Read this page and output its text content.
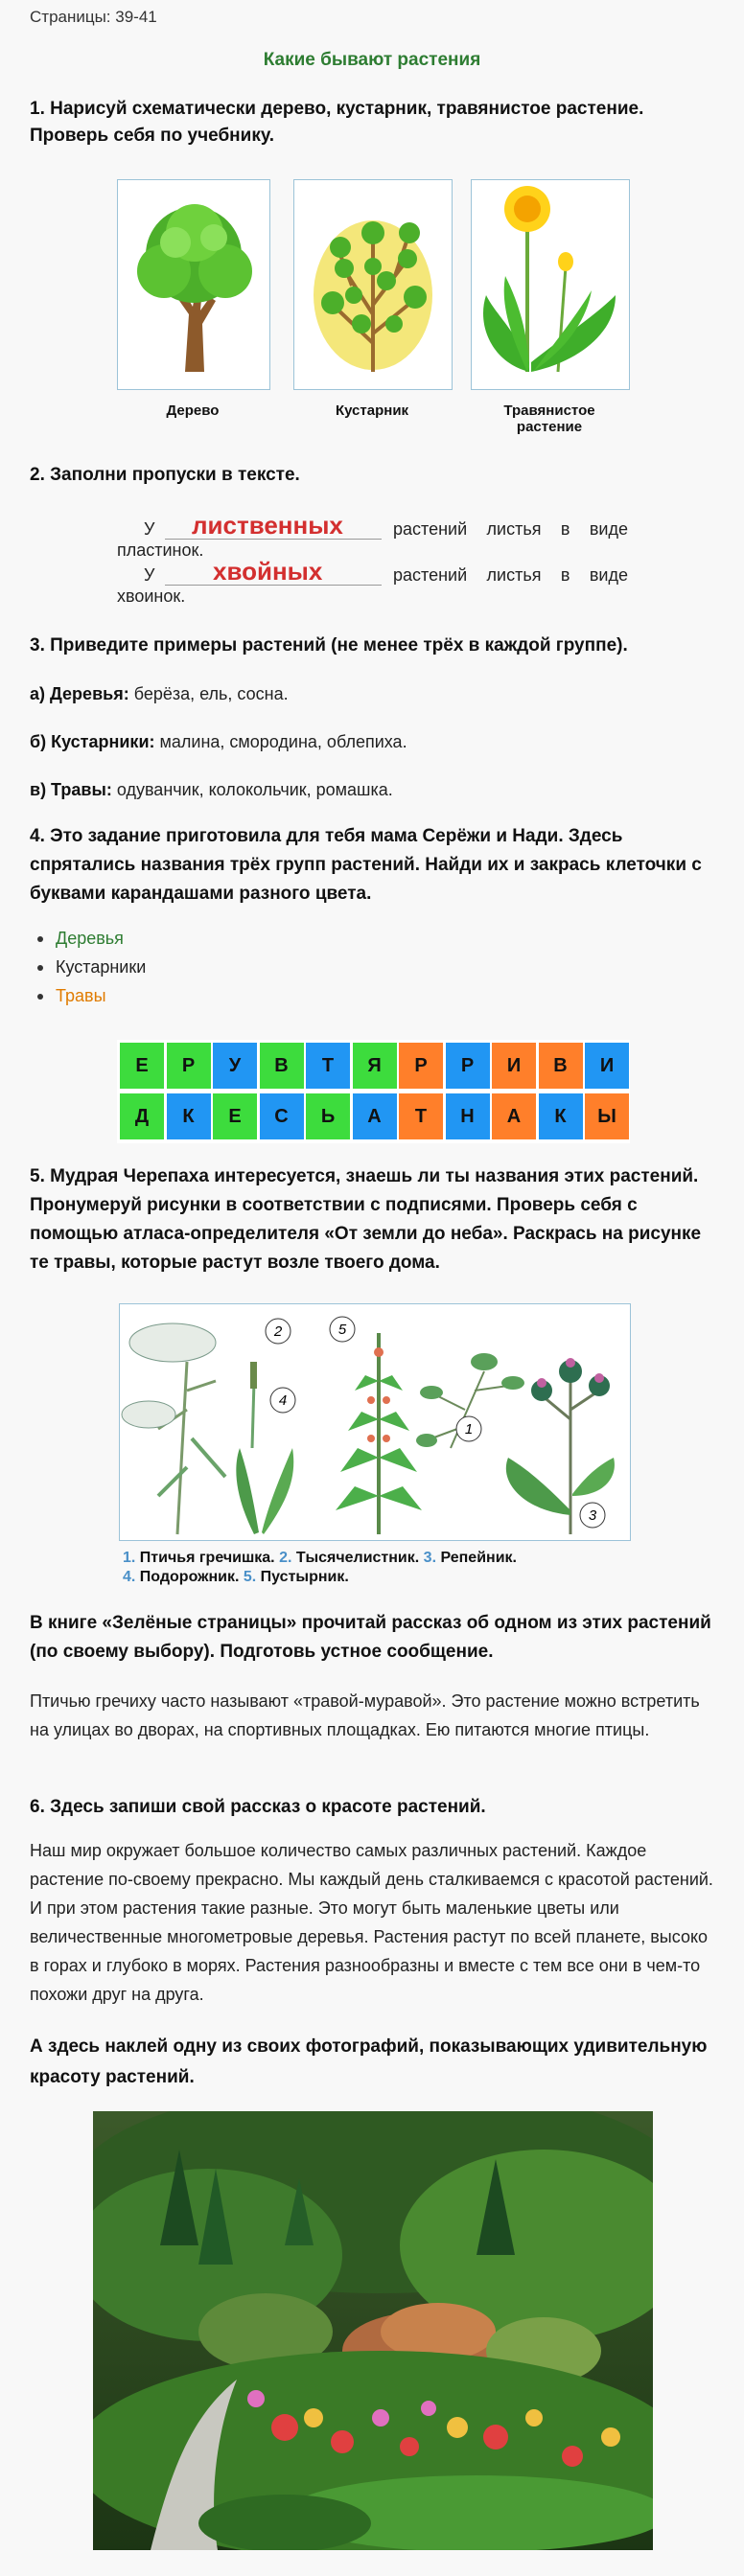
Страницы: 39-41
Какие бывают растения
1. Нарисуй схематически дерево, кустарник, травянистое растение. Проверь себя по учебнику.
Дерево	Кустарник	Травянистое растение
2. Заполни пропуски в тексте.
У лиственных	растений листья в виде
пластинок.
У хвойных	растений листья в виде
хвоинок.
3. Приведите примеры растений (не менее трёх в каждой группе).
а) Деревья: берёза, ель, сосна.
б) Кустарники: малина, смородина, облепиха.
в) Травы: одуванчик, колокольчик, ромашка.
4. Это задание приготовила для тебя мама Серёжи и Нади. Здесь спрятались названия трёх групп растений. Найди их и закрась клеточки с буквами карандашами разного цвета.
Деревья
Кустарники
Травы
Е	Р	У	В	Т	Я	Р	Р	И	В	И
Д	К	Е	С	Ь	А	Т	Н	А	К	Ы
5. Мудрая Черепаха интересуется, знаешь ли ты названия этих растений. Пронумеруй рисунки в соответствии с подписями. Проверь себя с помощью атласа-определителя «От земли до неба». Раскрась на рисунке те травы, которые растут возле твоего дома.
1
2
3
4
5
1. Птичья гречишка. 2. Тысячелистник. 3. Репейник.
4. Подорожник. 5. Пустырник.
В книге «Зелёные страницы» прочитай рассказ об одном из этих растений (по своему выбору). Подготовь устное сообщение.
Птичью гречиху часто называют «травой-муравой». Это растение можно встретить на улицах во дворах, на спортивных площадках. Ею питаются многие птицы.
6. Здесь запиши свой рассказ о красоте растений.
Наш мир окружает большое количество самых различных растений. Каждое растение по-своему прекрасно. Мы каждый день сталкиваемся с красотой растений. И при этом растения такие разные. Это могут быть маленькие цветы или величественные многометровые деревья. Растения растут по всей планете, высоко в горах и глубоко в морях. Растения разнообразны и вместе с тем все они в чем-то похожи друг на друга.
А здесь наклей одну из своих фотографий, показывающих удивительную красоту растений.
